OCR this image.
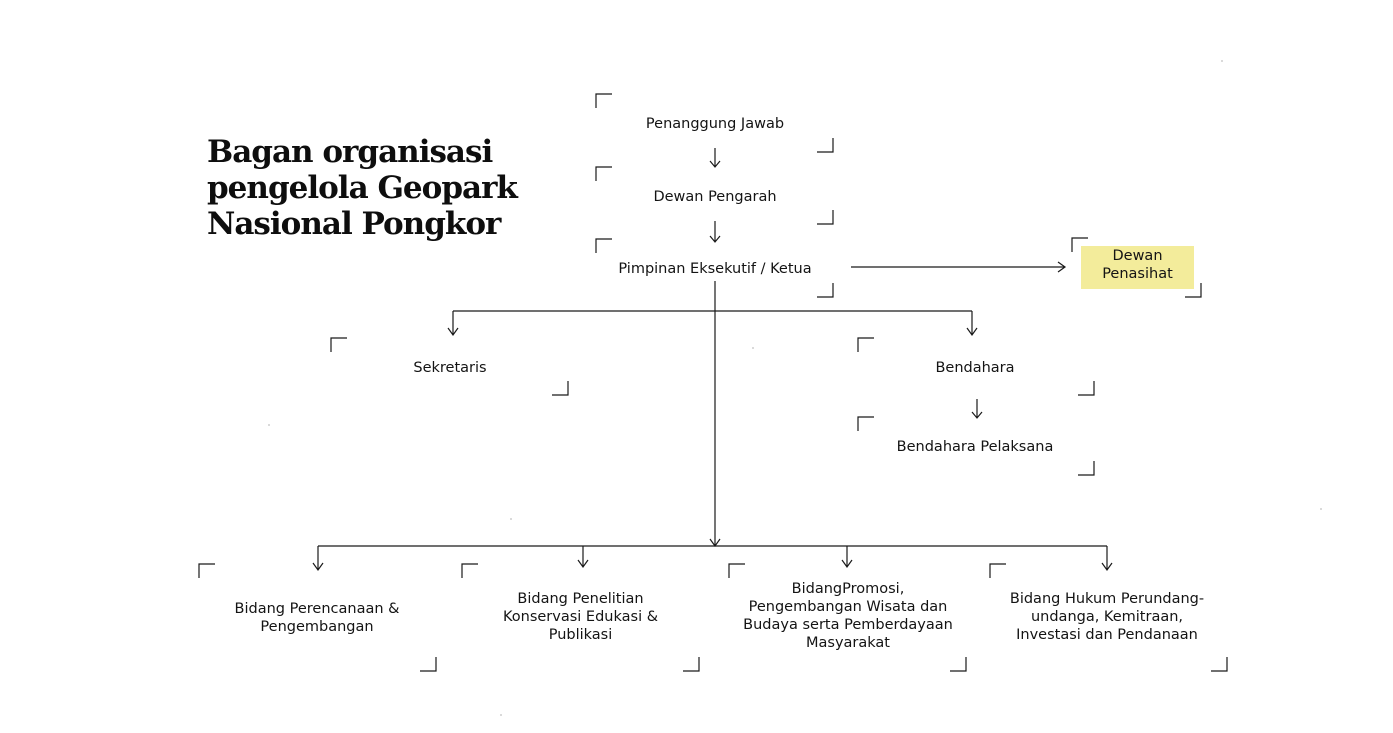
Bagan organisasi
pengelola Geopark
Nasional Pongkor
Penanggung Jawab
Dewan Pengarah
Pimpinan Eksekutif / Ketua
Dewan
Penasihat
Sekretaris	Bendahara
Bendahara Pelaksana
Bidang Perencanaan &
Pengembangan
Bidang Penelitian
Konservasi Edukasi &
Publikasi
BidangPromosi,
Pengembangan Wisata dan
Budaya serta Pemberdayaan
Masyarakat
Bidang Hukum Perundang-
undanga, Kemitraan,
Investasi dan Pendanaan
